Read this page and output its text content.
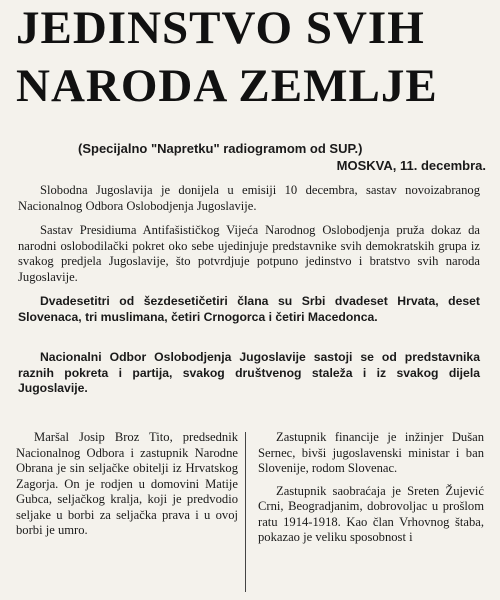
JEDINSTVO SVIH
NARODA ZEMLJE
(Specijalno "Napretku" radiogramom od SUP.)
MOSKVA, 11. decembra.

Slobodna Jugoslavija je donijela u emisiji 10 decembra, sastav novoizabranog Nacionalnog Odbora Oslobodjenja Jugoslavije.

Sastav Presidiuma Antifašističkog Vijeća Narodnog Oslobodjenja pruža dokaz da narodni oslobodilački pokret oko sebe ujedinjuje predstavnike svih demokratskih grupa iz svakog predjela Jugoslavije, što potvrdjuje potpuno jedinstvo i bratstvo svih naroda Jugoslavije.

Dvadesetitri od šezdesetičetiri člana su Srbi dvadeset Hrvata, deset Slovenaca, tri muslimana, četiri Crnogorca i četiri Macedonca.

Nacionalni Odbor Oslobodjenja Jugoslavije sastoji se od predstavnika raznih pokreta i partija, svakog društvenog staleža i iz svakog dijela Jugoslavije.

Maršal Josip Broz Tito, predsednik Nacionalnog Odbora i zastupnik Narodne Obrana je sin seljačke obitelji iz Hrvatskog Zagorja. On je rodjen u domovini Matije Gubca, seljačkog kralja, koji je predvodio seljake u borbi za seljačka prava i u ovoj borbi je umro.

Zastupnik financije je inžinjer Dušan Sernec, bivši jugoslavenski ministar i ban Slovenije, rodom Slovenac.

Zastupnik saobraćaja je Sreten Žujević Crni, Beogradjanim, dobrovoljac u prošlom ratu 1914-1918. Kao član Vrhovnog štaba, pokazao je veliku sposobnost i
